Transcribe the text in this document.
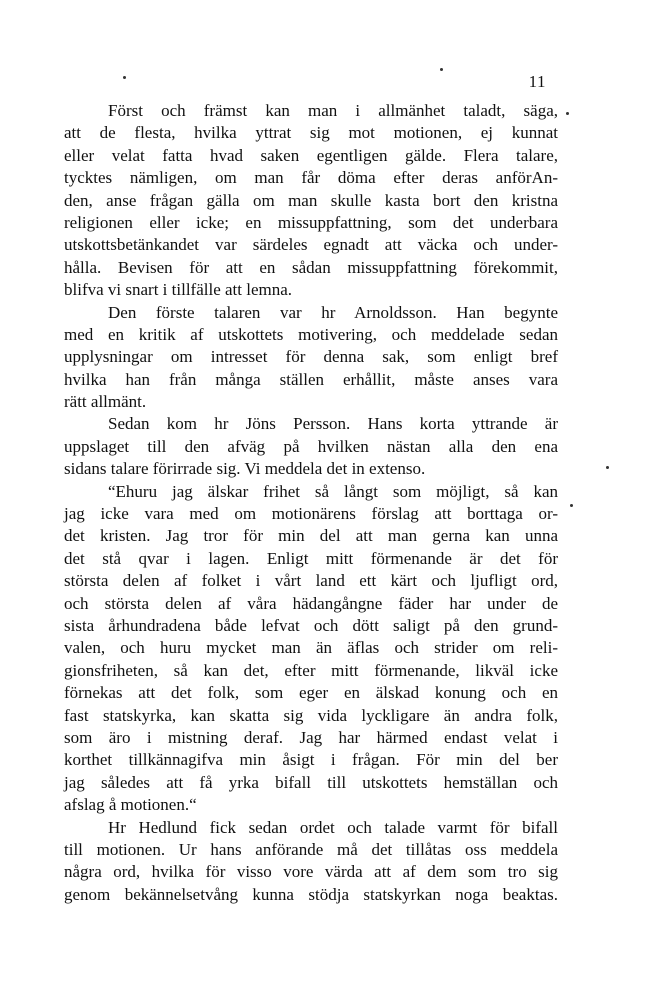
11
Först och främst kan man i allmänhet taladt, säga,
att de flesta, hvilka yttrat sig mot motionen, ej kunnat
eller velat fatta hvad saken egentligen gälde. Flera talare,
tycktes nämligen, om man får döma efter deras anförAn-
den, anse frågan gälla om man skulle kasta bort den kristna
religionen eller icke; en missuppfattning, som det underbara
utskottsbetänkandet var särdeles egnadt att väcka och under-
hålla. Bevisen för att en sådan missuppfattning förekommit,
blifva vi snart i tillfälle att lemna.
Den förste talaren var hr Arnoldsson. Han begynte
med en kritik af utskottets motivering, och meddelade sedan
upplysningar om intresset för denna sak, som enligt bref
hvilka han från många ställen erhållit, måste anses vara
rätt allmänt.
Sedan kom hr Jöns Persson. Hans korta yttrande är
uppslaget till den afväg på hvilken nästan alla den ena
sidans talare förirrade sig. Vi meddela det in extenso.
“Ehuru jag älskar frihet så långt som möjligt, så kan
jag icke vara med om motionärens förslag att borttaga or-
det kristen. Jag tror för min del att man gerna kan unna
det stå qvar i lagen. Enligt mitt förmenande är det för
största delen af folket i vårt land ett kärt och ljufligt ord,
och största delen af våra hädangångne fäder har under de
sista århundradena både lefvat och dött saligt på den grund-
valen, och huru mycket man än äflas och strider om reli-
gionsfriheten, så kan det, efter mitt förmenande, likväl icke
förnekas att det folk, som eger en älskad konung och en
fast statskyrka, kan skatta sig vida lyckligare än andra folk,
som äro i mistning deraf. Jag har härmed endast velat i
korthet tillkännagifva min åsigt i frågan. För min del ber
jag således att få yrka bifall till utskottets hemställan och
afslag å motionen.“
Hr Hedlund fick sedan ordet och talade varmt för bifall
till motionen. Ur hans anförande må det tillåtas oss meddela
några ord, hvilka för visso vore värda att af dem som tro sig
genom bekännelsetvång kunna stödja statskyrkan noga beaktas.
